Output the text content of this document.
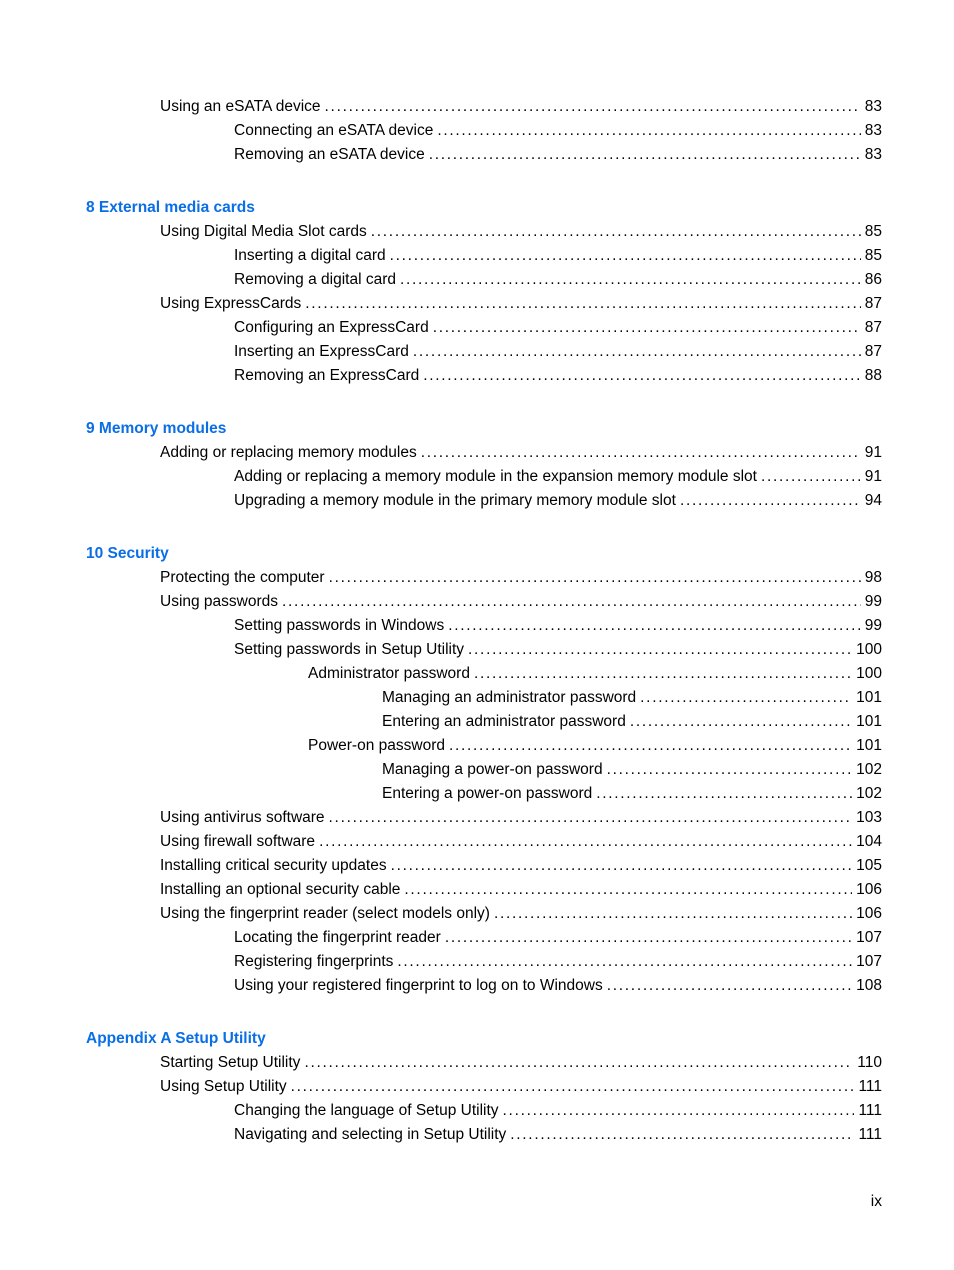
Using an eSATA device . . .	83
Connecting an eSATA device . . .	83
Removing an eSATA device . . .	83
8 External media cards
Using Digital Media Slot cards . . .	85
Inserting a digital card . . .	85
Removing a digital card . . .	86
Using ExpressCards . . .	87
Configuring an ExpressCard . . .	87
Inserting an ExpressCard . . .	87
Removing an ExpressCard . . .	88
9 Memory modules
Adding or replacing memory modules . . .	91
Adding or replacing a memory module in the expansion memory module slot . . .	91
Upgrading a memory module in the primary memory module slot . . .	94
10 Security
Protecting the computer . . .	98
Using passwords . . .	99
Setting passwords in Windows . . .	99
Setting passwords in Setup Utility . . .	100
Administrator password . . .	100
Managing an administrator password . . .	101
Entering an administrator password . . .	101
Power-on password . . .	101
Managing a power-on password . . .	102
Entering a power-on password . . .	102
Using antivirus software . . .	103
Using firewall software . . .	104
Installing critical security updates . . .	105
Installing an optional security cable . . .	106
Using the fingerprint reader (select models only) . . .	106
Locating the fingerprint reader . . .	107
Registering fingerprints . . .	107
Using your registered fingerprint to log on to Windows . . .	108
Appendix A Setup Utility
Starting Setup Utility . . .	110
Using Setup Utility . . .	111
Changing the language of Setup Utility . . .	111
Navigating and selecting in Setup Utility . . .	111
ix
